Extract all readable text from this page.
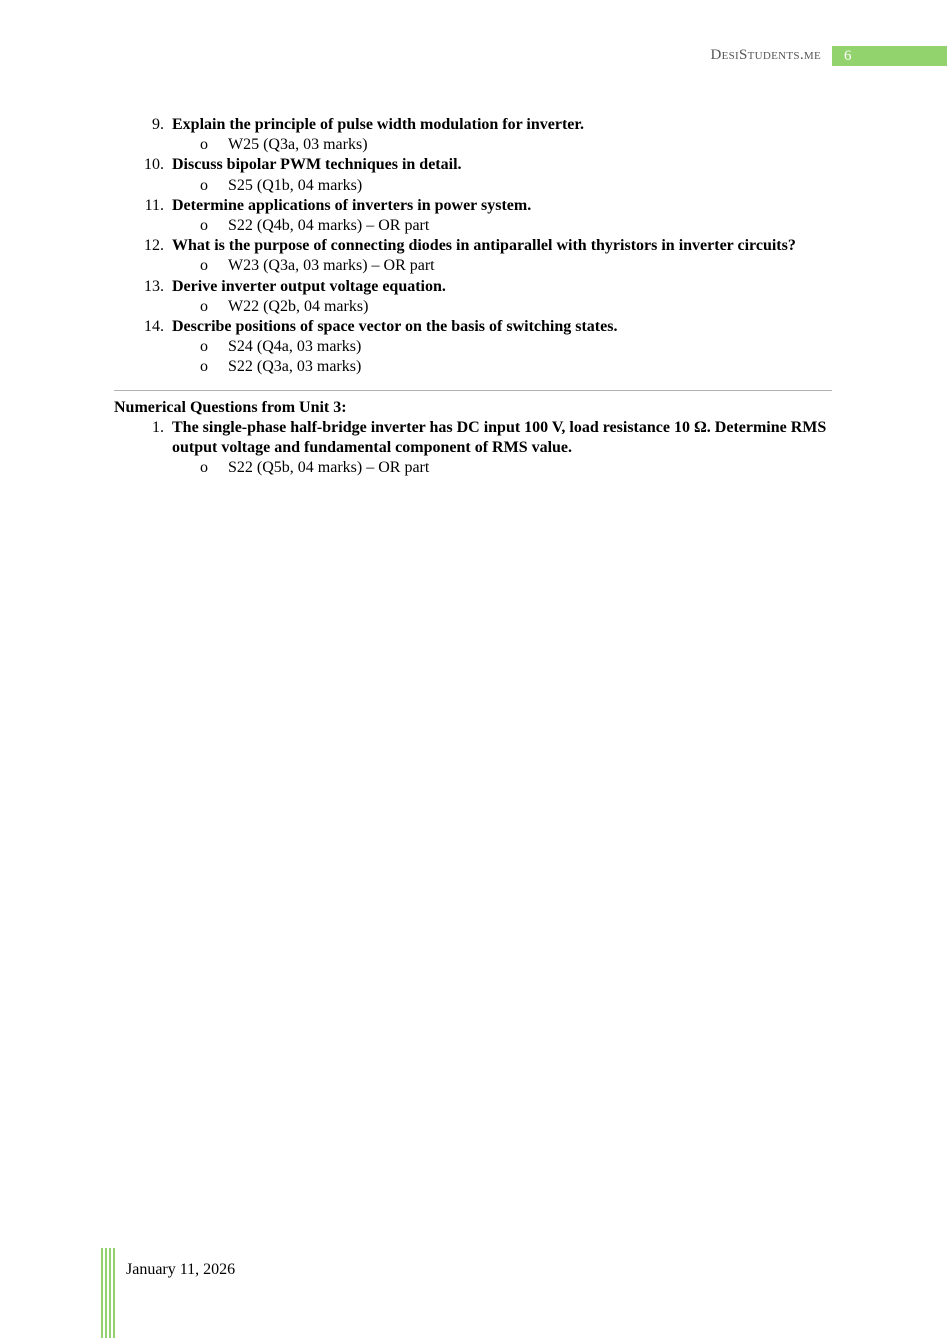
DesiStudents.me	6
9. Explain the principle of pulse width modulation for inverter.
o W25 (Q3a, 03 marks)
10. Discuss bipolar PWM techniques in detail.
o S25 (Q1b, 04 marks)
11. Determine applications of inverters in power system.
o S22 (Q4b, 04 marks) – OR part
12. What is the purpose of connecting diodes in antiparallel with thyristors in inverter circuits?
o W23 (Q3a, 03 marks) – OR part
13. Derive inverter output voltage equation.
o W22 (Q2b, 04 marks)
14. Describe positions of space vector on the basis of switching states.
o S24 (Q4a, 03 marks)
o S22 (Q3a, 03 marks)
Numerical Questions from Unit 3:
1. The single-phase half-bridge inverter has DC input 100 V, load resistance 10 Ω. Determine RMS output voltage and fundamental component of RMS value.
o S22 (Q5b, 04 marks) – OR part
January 11, 2026
